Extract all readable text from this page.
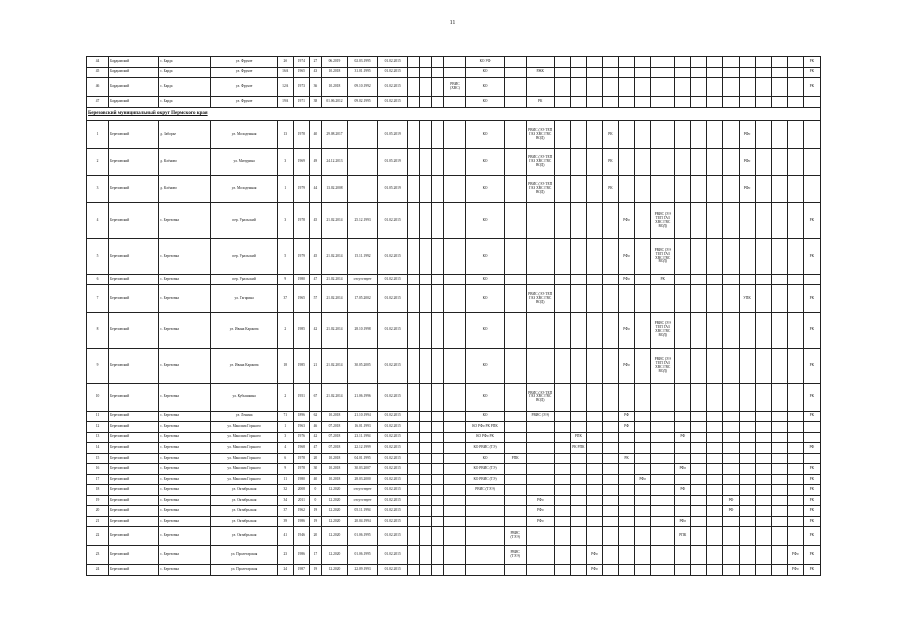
11
44	Бардымский	с. Барда	ул. Фрунзе	2б	1974	27	06.2019	02.03.1995	01.02.2015					КО УФ																		РК
45	Бардымский	с. Барда	ул. Фрунзе	16А	1965	43	10.2018	31.01.1995	01.02.2015					КО		РЖК																РК
46	Бардымский	с. Барда	ул. Фрунзе	12А	1973	36	10.2018	09.10.1992	01.02.2015				РВИС (ХВС)	КО																		РК
47	Бардымский	с. Барда	ул. Фрунзе	19А	1971	38	01.06.2012	09.02.1995	01.02.2015					КО		РК																
Березовский муниципальный округ Пермского края																																
1	Березовский	д. Заборье	ул. Молодежная	13	1978	40	29.08.2017		01.05.2019					КО		РВИС (ЭЭ ТЕП ГАЗ ХВС ГВС ВОД)				РК								РФо				
2	Березовский	д. Клёново	ул. Мичурина	3	1969	49	24.12.2013		01.05.2019					КО		РВИС (ЭЭ ТЕП ГАЗ ХВС ГВС ВОД)				РК								РФо				
3	Березовский	д. Клёново	ул. Молодежная	1	1979	44	13.02.2008		01.05.2019					КО		РВИС (ЭЭ ТЕП ГАЗ ХВС ГВС ВОД)				РК								РФо				
4	Березовский	с. Березовка	пер. Уральский	3	1978	45	21.02.2014	25.12.1993	01.02.2015					КО							РФо		РВИС (ЭЭ ТЕП ГАЗ ХВС ГВС ВОД)									РК
5	Березовский	с. Березовка	пер. Уральский	5	1979	45	21.02.2014	15.11.1992	01.02.2015					КО							РФо		РВИС (ЭЭ ТЕП ГАЗ ХВС ГВС ВОД)									РК
6	Березовский	с. Березовка	пер. Уральский	9	1980	47	21.02.2014	отсутствует	01.02.2015					КО							РФо		РК									
7	Березовский	с. Березовка	ул. Гагарина	37	1965	57	21.02.2014	17.05.2002	01.02.2015					КО		РВИС (ЭЭ ТЕП ГАЗ ХВС ГВС ВОД)												УПК				РК
8	Березовский	с. Березовка	ул. Ивана Каржова	2	1985	42	21.02.2014	28.10.1998	01.02.2015					КО							РФо		РВИС (ЭЭ ТЕП ГАЗ ХВС ГВС ВОД)									РК
9	Березовский	с. Березовка	ул. Ивана Каржова	18	1985	21	21.02.2014	30.05.2005	01.02.2015					КО							РФо		РВИС (ЭЭ ТЕП ГАЗ ХВС ГВС ВОД)									РК
10	Березовский	с. Березовка	ул. Кубышкина	2	1951	67	21.02.2014	21.06.1996	01.02.2015					КО		РВИС (ЭЭ ТЕП ГАЗ ХВС ГВС ВОД)																РК
11	Березовский	с. Березовка	ул. Ленина	71	1896	62	10.2018	21.10.1994	01.02.2015					КО		РВИС (ЭЭ)					РФ											РК
12	Березовский	с. Березовка	ул. Максима Горького	1	1963	46	07.2018	16.01.1993	01.02.2015					КО РФо РК РПК							РФ											
13	Березовский	с. Березовка	ул. Максима Горького	3	1976	42	07.2018	23.11.1994	01.02.2015					КО РФо РК				РПК						РФ								
14	Березовский	с. Березовка	ул. Максима Горького	4	1968	47	07.2018	22.12.1999	01.02.2015					КО РВИС (ТЭ)				РК РПК														РФ
15	Березовский	с. Березовка	ул. Максима Горького	6	1978	20	10.2018	04.01.1995	01.02.2015					КО	РПК						РК											
16	Березовский	с. Березовка	ул. Максима Горького	9	1978	30	10.2018	30.03.2007	01.02.2015					КО РВИС (ТЭ)										РФо								РК
17	Березовский	с. Березовка	ул. Максима Горького	11	1980	40	10.2018	28.03.2000	01.02.2015					КО РВИС (ТЭ)								РФо										РК
18	Березовский	с. Березовка	ул. Октябрьская	32	2008	0	12.2020	отсутствует	01.02.2015					РВИС (ТЭЭ)										РФ								РК
19	Березовский	с. Березовка	ул. Октябрьская	34	2011	0	12.2020	отсутствует	01.02.2015							РФо											РФ					РК
20	Березовский	с. Березовка	ул. Октябрьская	37	1962	19	12.2020	05.11.1994	01.02.2015							РФо											РФ					РК
21	Березовский	с. Березовка	ул. Октябрьская	39	1986	19	12.2020	20.04.1994	01.02.2015							РФо								РФо								РК
22	Березовский	с. Березовка	ул. Октябрьская	41	1946	20	12.2020	01.06.1995	01.02.2015						РВИС (ТЭЭ)									РПК								РК
23	Березовский	с. Березовка	ул. Пролетарская	23	1986	17	12.2020	01.06.1995	01.02.2015						РВИС (ТЭЭ)				РФо												РФо	РК
24	Березовский	с. Березовка	ул. Пролетарская	24	1987	19	12.2020	22.09.1993	01.02.2015										РФо												РФо	РК
